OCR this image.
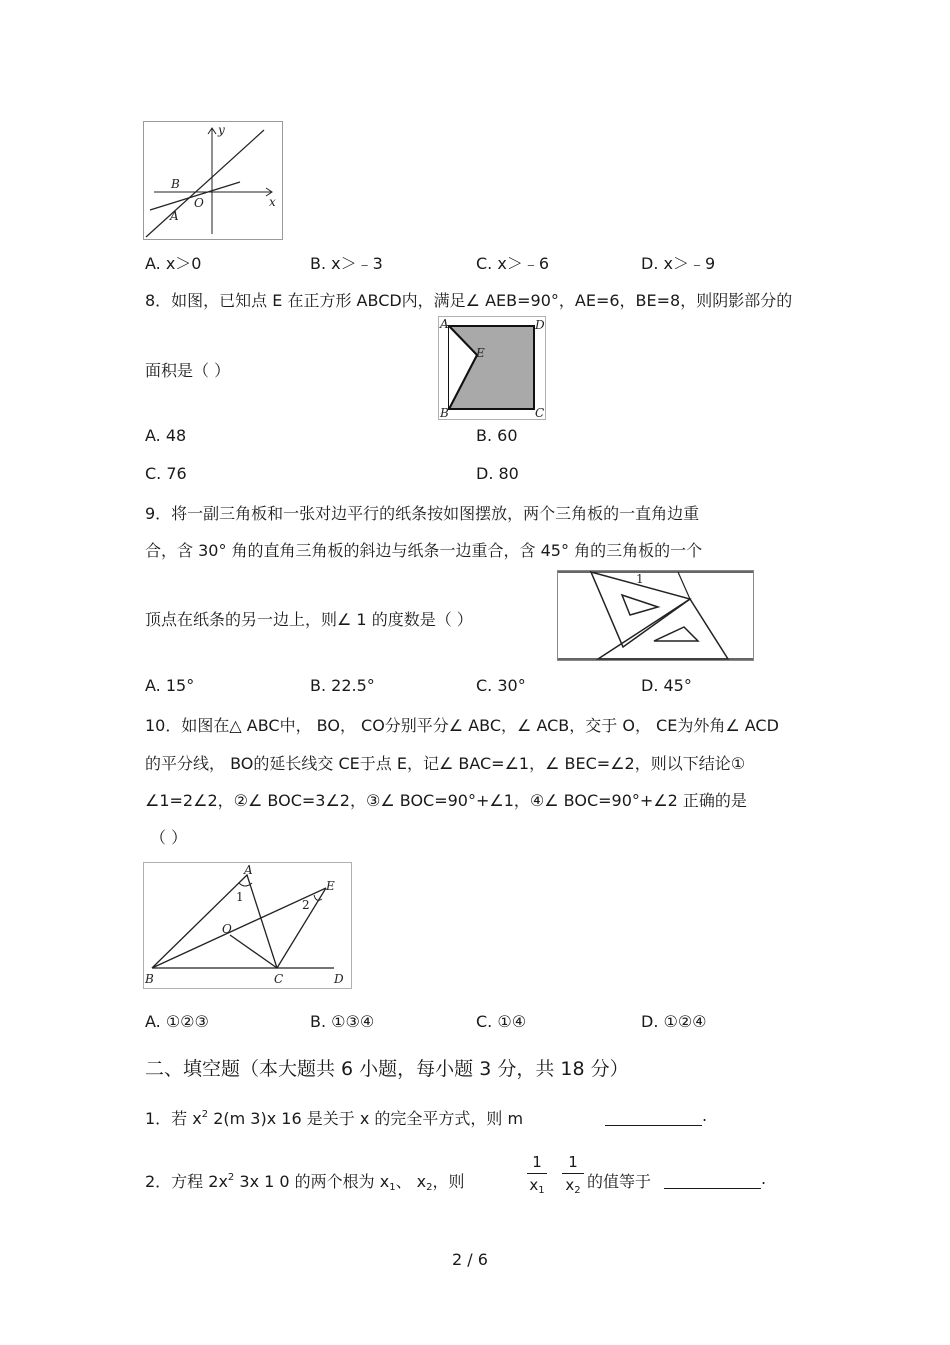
y
x
B
O
A
A. x＞0	B. x＞﹣3	C. x＞﹣6	D. x＞﹣9
8．如图，已知点 E 在正方形 ABCD内，满足∠ AEB=90°，AE=6，BE=8，则阴影部分的
面积是（ ）
A	D
E
B	C
A. 48	B. 60
C. 76	D. 80
9．将一副三角板和一张对边平行的纸条按如图摆放，两个三角板的一直角边重
合，含 30° 角的直角三角板的斜边与纸条一边重合，含 45° 角的三角板的一个
顶点在纸条的另一边上，则∠ 1 的度数是（ ）
1
A. 15°	B. 22.5°	C. 30°	D. 45°
10．如图在△ ABC中， BO， CO分别平分∠ ABC，∠ ACB，交于 O， CE为外角∠ ACD
的平分线， BO的延长线交 CE于点 E，记∠ BAC=∠1，∠ BEC=∠2，则以下结论①
∠1=2∠2，②∠ BOC=3∠2，③∠ BOC=90°+∠1，④∠ BOC=90°+∠2 正确的是
（ ）
A
1
E
2
O
B	C	D
A. ①②③	B. ①③④	C. ①④	D. ①②④
二、填空题（本大题共 6 小题，每小题 3 分，共 18 分）
1．若 $x^2$ 2(m 3)x 16 是关于 x 的完全平方式，则 m	.
2．方程 $2x^2$ 3x 1 0 的两个根为 $x_1$、 $x_2$，则
1
$x_1$
1
$x_2$ 的值等于	.
2 / 6
